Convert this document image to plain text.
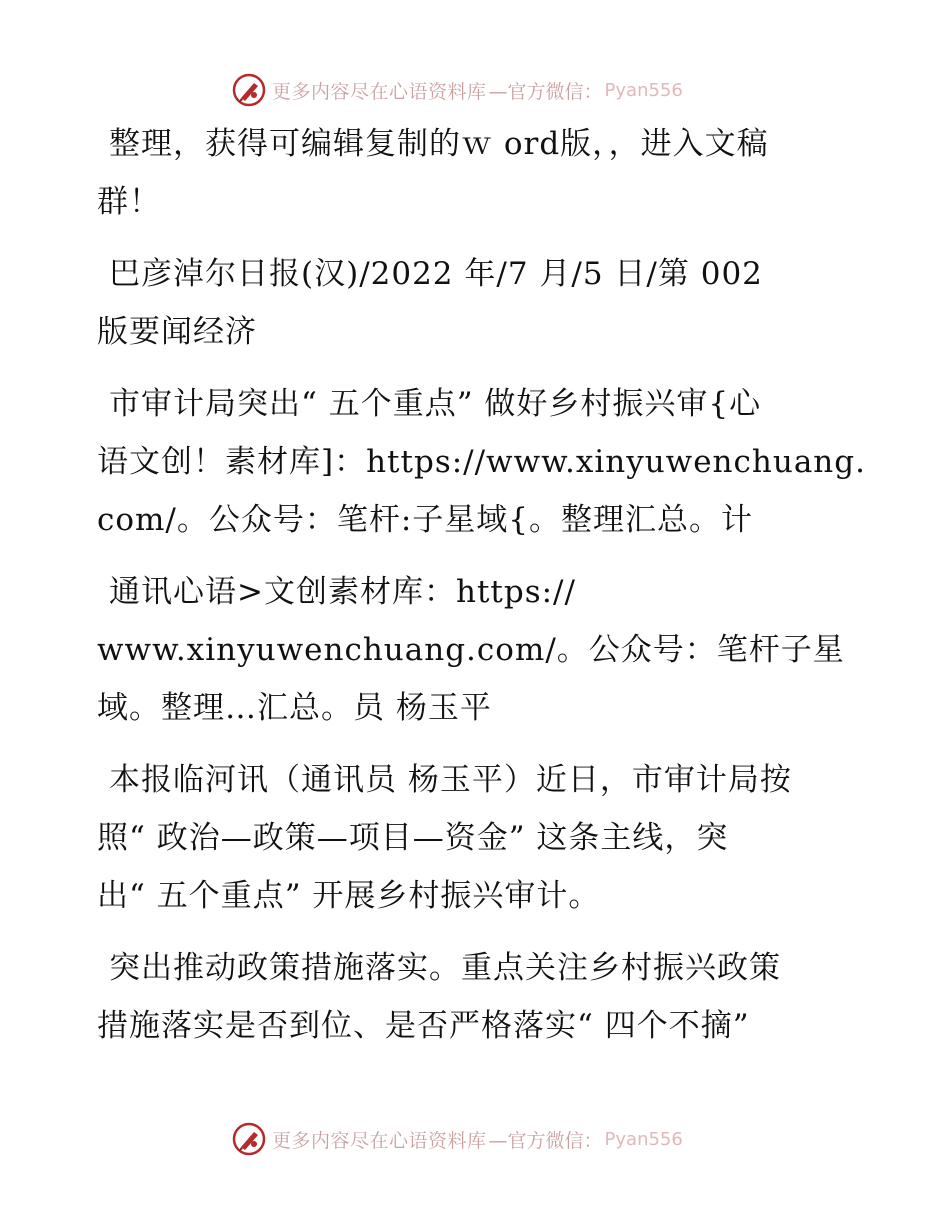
更多内容尽在心语资料库 —官方微信： Pyan556

整理，获得可编辑复制的ｗ ord版，，进入文稿
群！

巴彦淖尔日报(汉)/2022 年/7 月/5 日/第 002
版要闻经济

市审计局突出“ 五个重点” 做好乡村振兴审{心
语文创！素材库]：https://www.xinyuwenchuang.
com/。公众号：笔杆:子星域{。整理汇总。计

通讯心语>文创素材库：https://
www.xinyuwenchuang.com/。公众号：笔杆子星
域。整理…汇总。员 杨玉平

本报临河讯（通讯员 杨玉平）近日，市审计局按
照“ 政治—政策—项目—资金” 这条主线，突
出“ 五个重点” 开展乡村振兴审计。

突出推动政策措施落实。重点关注乡村振兴政策
措施落实是否到位、是否严格落实“ 四个不摘”

更多内容尽在心语资料库 —官方微信： Pyan556
